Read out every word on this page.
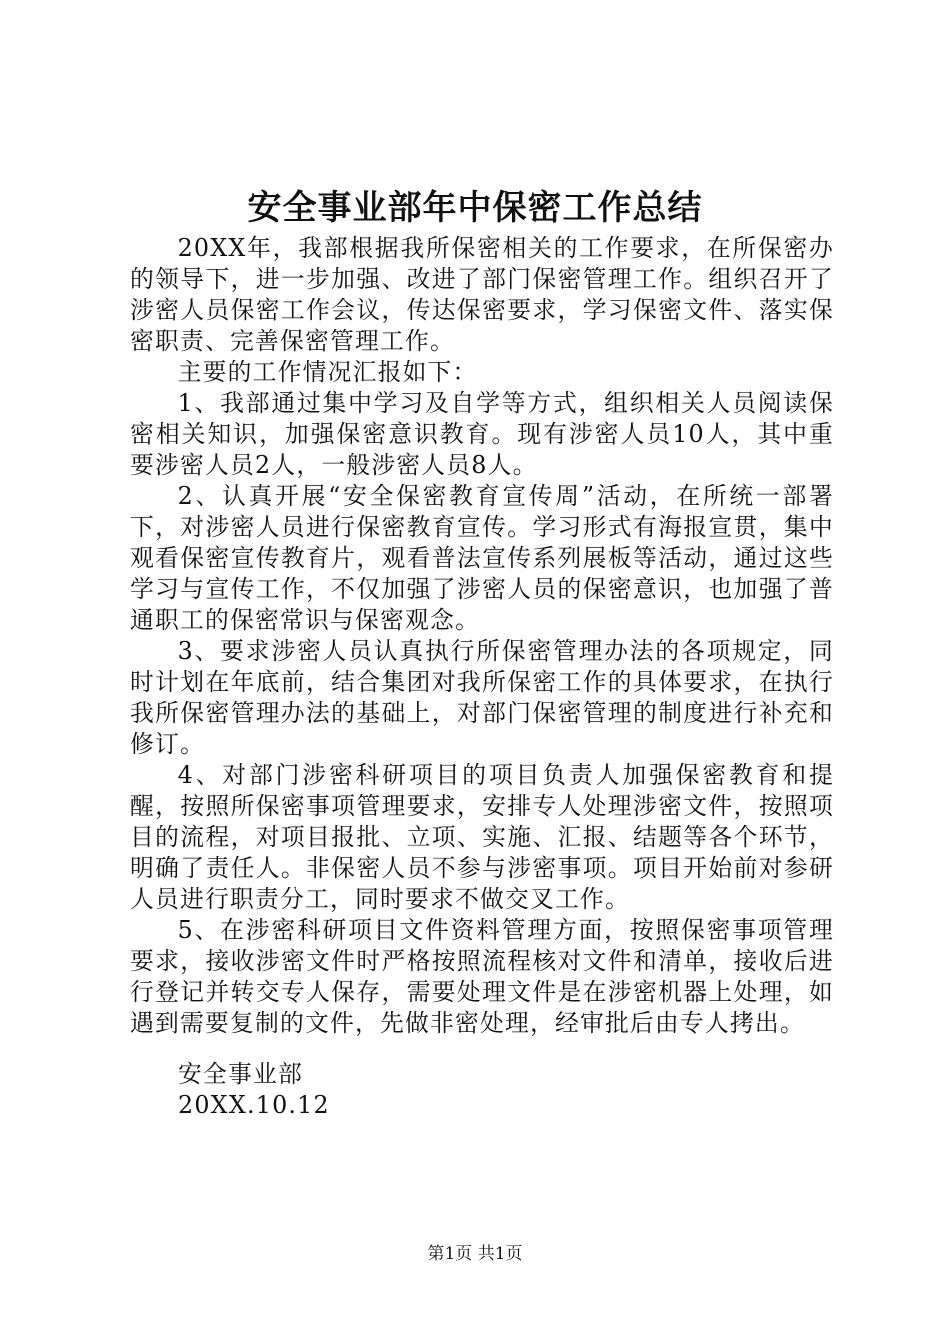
安全事业部年中保密工作总结

20XX年，我部根据我所保密相关的工作要求，在所保密办的领导下，进一步加强、改进了部门保密管理工作。组织召开了涉密人员保密工作会议，传达保密要求，学习保密文件、落实保密职责、完善保密管理工作。

主要的工作情况汇报如下：

1、我部通过集中学习及自学等方式，组织相关人员阅读保密相关知识，加强保密意识教育。现有涉密人员10人，其中重要涉密人员2人，一般涉密人员8人。

2、认真开展“安全保密教育宣传周”活动，在所统一部署下，对涉密人员进行保密教育宣传。学习形式有海报宣贯，集中观看保密宣传教育片，观看普法宣传系列展板等活动，通过这些学习与宣传工作，不仅加强了涉密人员的保密意识，也加强了普通职工的保密常识与保密观念。

3、要求涉密人员认真执行所保密管理办法的各项规定，同时计划在年底前，结合集团对我所保密工作的具体要求，在执行我所保密管理办法的基础上，对部门保密管理的制度进行补充和修订。

4、对部门涉密科研项目的项目负责人加强保密教育和提醒，按照所保密事项管理要求，安排专人处理涉密文件，按照项目的流程，对项目报批、立项、实施、汇报、结题等各个环节，明确了责任人。非保密人员不参与涉密事项。项目开始前对参研人员进行职责分工，同时要求不做交叉工作。

5、在涉密科研项目文件资料管理方面，按照保密事项管理要求，接收涉密文件时严格按照流程核对文件和清单，接收后进行登记并转交专人保存，需要处理文件是在涉密机器上处理，如遇到需要复制的文件，先做非密处理，经审批后由专人拷出。

安全事业部
20XX.10.12
第1页 共1页
